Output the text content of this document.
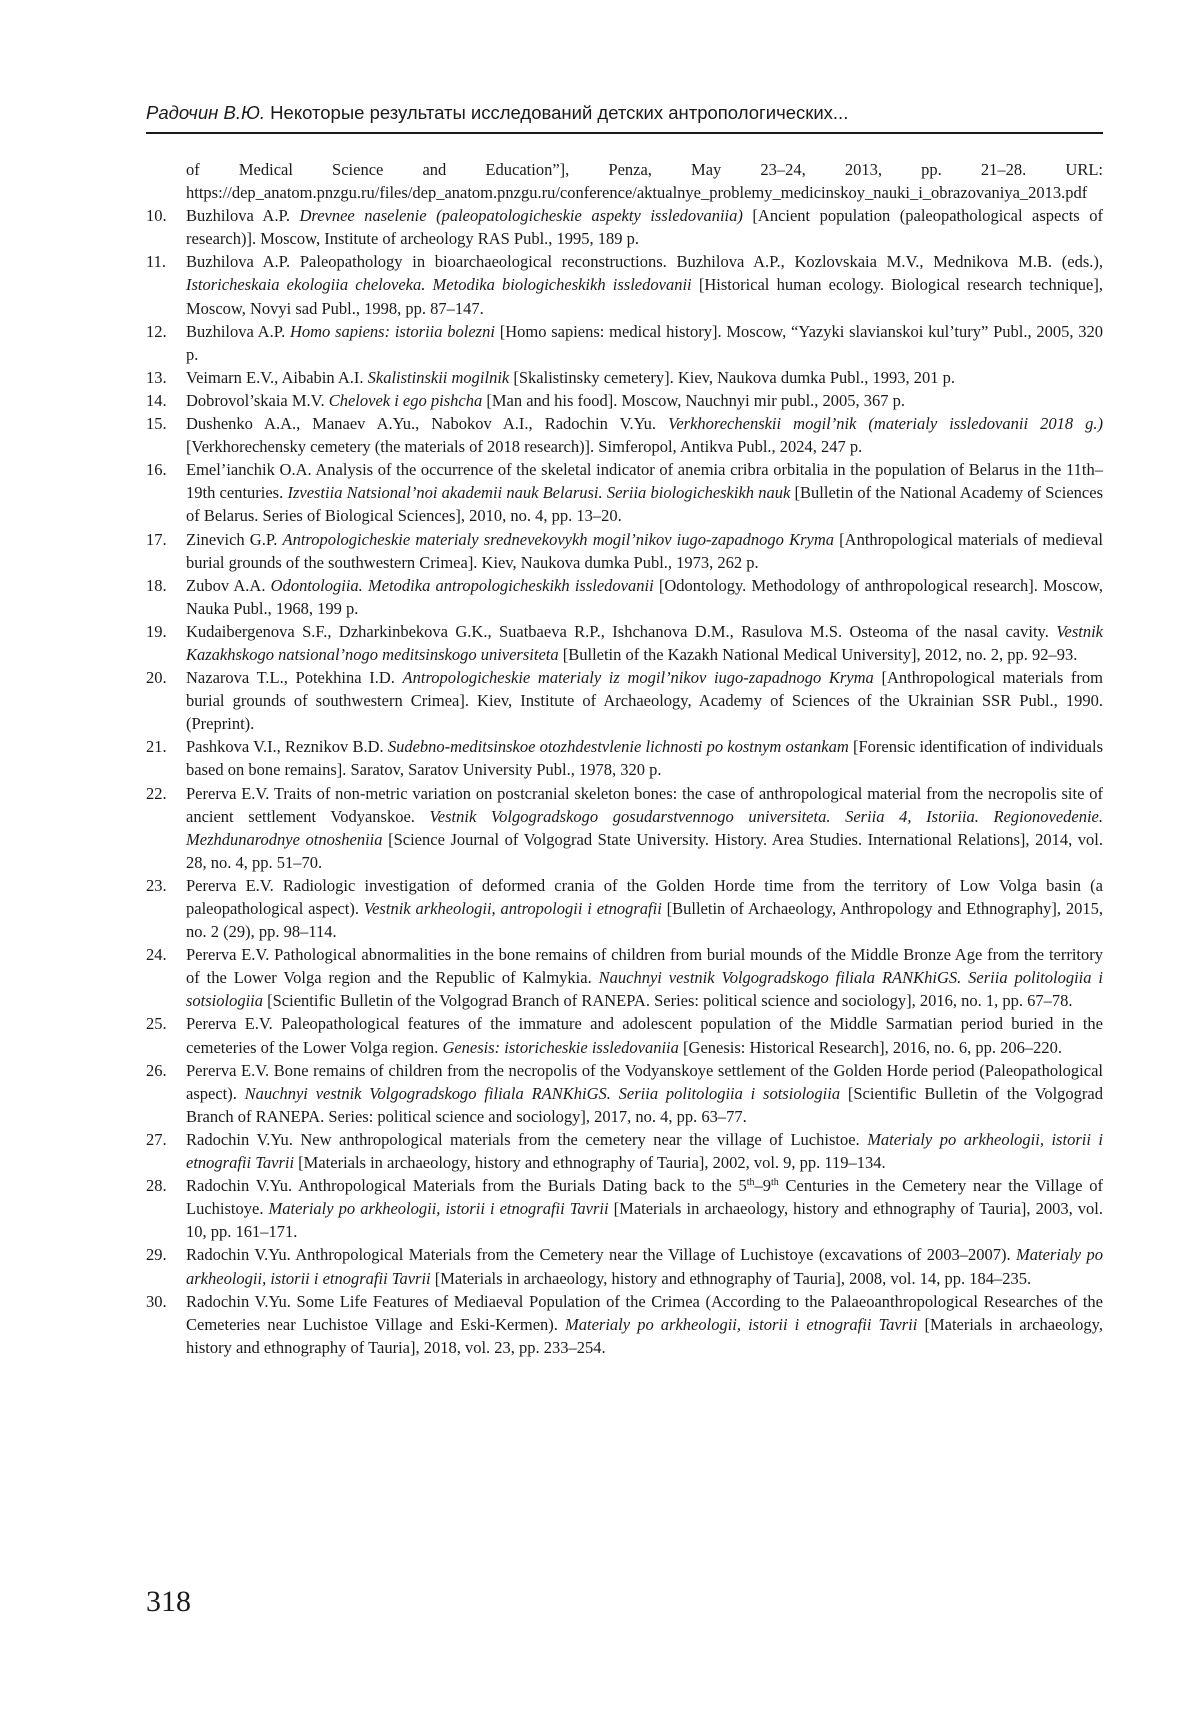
Радочин В.Ю. Некоторые результаты исследований детских антропологических...
of Medical Science and Education”], Penza, May 23–24, 2013, pp. 21–28. URL: https://dep_anatom.pnzgu.ru/files/dep_anatom.pnzgu.ru/conference/aktualnye_problemy_medicinskoy_nauki_i_obrazovaniya_2013.pdf
10.	Buzhilova A.P. Drevnee naselenie (paleopatologicheskie aspekty issledovaniia) [Ancient population (paleopathological aspects of research)]. Moscow, Institute of archeology RAS Publ., 1995, 189 p.
11.	Buzhilova A.P. Paleopathology in bioarchaeological reconstructions. Buzhilova A.P., Kozlovskaia M.V., Mednikova M.B. (eds.), Istoricheskaia ekologiia cheloveka. Metodika biologicheskikh issledovanii [Historical human ecology. Biological research technique], Moscow, Novyi sad Publ., 1998, pp. 87–147.
12.	Buzhilova A.P. Homo sapiens: istoriia bolezni [Homo sapiens: medical history]. Moscow, “Yazyki slavianskoi kul’tury” Publ., 2005, 320 p.
13.	Veimarn E.V., Aibabin A.I. Skalistinskii mogilnik [Skalistinsky cemetery]. Kiev, Naukova dumka Publ., 1993, 201 p.
14.	Dobrovol’skaia M.V. Chelovek i ego pishcha [Man and his food]. Moscow, Nauchnyi mir publ., 2005, 367 p.
15.	Dushenko A.A., Manaev A.Yu., Nabokov A.I., Radochin V.Yu. Verkhorechenskii mogil’nik (materialy issledovanii 2018 g.) [Verkhorechensky cemetery (the materials of 2018 research)]. Simferopol, Antikva Publ., 2024, 247 p.
16.	Emel’ianchik O.A. Analysis of the occurrence of the skeletal indicator of anemia cribra orbitalia in the population of Belarus in the 11th–19th centuries. Izvestiia Natsional’noi akademii nauk Belarusi. Seriia biologicheskikh nauk [Bulletin of the National Academy of Sciences of Belarus. Series of Biological Sciences], 2010, no. 4, pp. 13–20.
17.	Zinevich G.P. Antropologicheskie materialy srednevekovykh mogil’nikov iugo-zapadnogo Kryma [Anthropological materials of medieval burial grounds of the southwestern Crimea]. Kiev, Naukova dumka Publ., 1973, 262 p.
18.	Zubov A.A. Odontologiia. Metodika antropologicheskikh issledovanii [Odontology. Methodology of anthropological research]. Moscow, Nauka Publ., 1968, 199 p.
19.	Kudaibergenova S.F., Dzharkinbekova G.K., Suatbaeva R.P., Ishchanova D.M., Rasulova M.S. Osteoma of the nasal cavity. Vestnik Kazakhskogo natsional’nogo meditsinskogo universiteta [Bulletin of the Kazakh National Medical University], 2012, no. 2, pp. 92–93.
20.	Nazarova T.L., Potekhina I.D. Antropologicheskie materialy iz mogil’nikov iugo-zapadnogo Kryma [Anthropological materials from burial grounds of southwestern Crimea]. Kiev, Institute of Archaeology, Academy of Sciences of the Ukrainian SSR Publ., 1990. (Preprint).
21.	Pashkova V.I., Reznikov B.D. Sudebno-meditsinskoe otozhdestvlenie lichnosti po kostnym ostankam [Forensic identification of individuals based on bone remains]. Saratov, Saratov University Publ., 1978, 320 p.
22.	Pererva E.V. Traits of non-metric variation on postcranial skeleton bones: the case of anthropological material from the necropolis site of ancient settlement Vodyanskoe. Vestnik Volgogradskogo gosudarstvennogo universiteta. Seriia 4, Istoriia. Regionovedenie. Mezhdunarodnye otnosheniia [Science Journal of Volgograd State University. History. Area Studies. International Relations], 2014, vol. 28, no. 4, pp. 51–70.
23.	Pererva E.V. Radiologic investigation of deformed crania of the Golden Horde time from the territory of Low Volga basin (a paleopathological aspect). Vestnik arkheologii, antropologii i etnografii [Bulletin of Archaeology, Anthropology and Ethnography], 2015, no. 2 (29), pp. 98–114.
24.	Pererva E.V. Pathological abnormalities in the bone remains of children from burial mounds of the Middle Bronze Age from the territory of the Lower Volga region and the Republic of Kalmykia. Nauchnyi vestnik Volgogradskogo filiala RANKhiGS. Seriia politologiia i sotsiologiia [Scientific Bulletin of the Volgograd Branch of RANEPA. Series: political science and sociology], 2016, no. 1, pp. 67–78.
25.	Pererva E.V. Paleopathological features of the immature and adolescent population of the Middle Sarmatian period buried in the cemeteries of the Lower Volga region. Genesis: istoricheskie issledovaniia [Genesis: Historical Research], 2016, no. 6, pp. 206–220.
26.	Pererva E.V. Bone remains of children from the necropolis of the Vodyanskoye settlement of the Golden Horde period (Paleopathological aspect). Nauchnyi vestnik Volgogradskogo filiala RANKhiGS. Seriia politologiia i sotsiologiia [Scientific Bulletin of the Volgograd Branch of RANEPA. Series: political science and sociology], 2017, no. 4, pp. 63–77.
27.	Radochin V.Yu. New anthropological materials from the cemetery near the village of Luchistoe. Materialy po arkheologii, istorii i etnografii Tavrii [Materials in archaeology, history and ethnography of Tauria], 2002, vol. 9, pp. 119–134.
28.	Radochin V.Yu. Anthropological Materials from the Burials Dating back to the 5th–9th Centuries in the Cemetery near the Village of Luchistoye. Materialy po arkheologii, istorii i etnografii Tavrii [Materials in archaeology, history and ethnography of Tauria], 2003, vol. 10, pp. 161–171.
29.	Radochin V.Yu. Anthropological Materials from the Cemetery near the Village of Luchistoye (excavations of 2003–2007). Materialy po arkheologii, istorii i etnografii Tavrii [Materials in archaeology, history and ethnography of Tauria], 2008, vol. 14, pp. 184–235.
30.	Radochin V.Yu. Some Life Features of Mediaeval Population of the Crimea (According to the Palaeoanthropological Researches of the Cemeteries near Luchistoe Village and Eski-Kermen). Materialy po arkheologii, istorii i etnografii Tavrii [Materials in archaeology, history and ethnography of Tauria], 2018, vol. 23, pp. 233–254.
318
